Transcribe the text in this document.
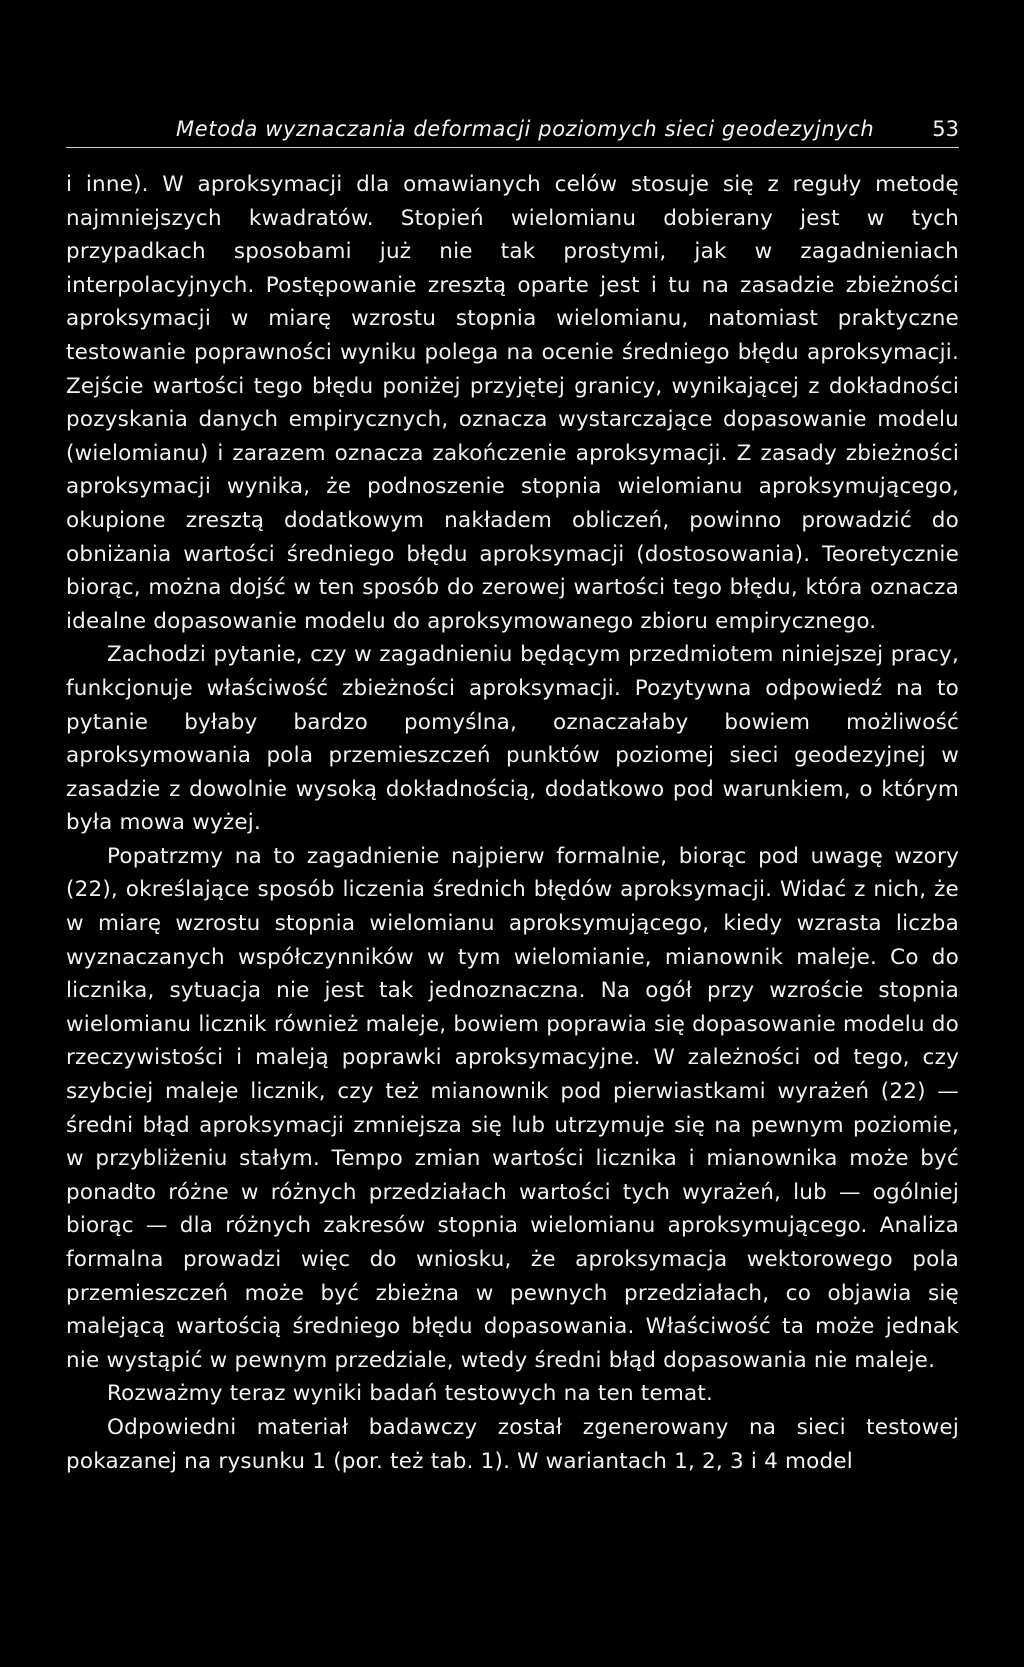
Metoda wyznaczania deformacji poziomych sieci geodezyjnych	53

i inne). W aproksymacji dla omawianych celów stosuje się z reguły metodę najmniejszych kwadratów. Stopień wielomianu dobierany jest w tych przypadkach sposobami już nie tak prostymi, jak w zagadnieniach interpolacyjnych. Postępowanie zresztą oparte jest i tu na zasadzie zbieżności aproksymacji w miarę wzrostu stopnia wielomianu, natomiast praktyczne testowanie poprawności wyniku polega na ocenie średniego błędu aproksymacji. Zejście wartości tego błędu poniżej przyjętej granicy, wynikającej z dokładności pozyskania danych empirycznych, oznacza wystarczające dopasowanie modelu (wielomianu) i zarazem oznacza zakończenie aproksymacji. Z zasady zbieżności aproksymacji wynika, że podnoszenie stopnia wielomianu aproksymującego, okupione zresztą dodatkowym nakładem obliczeń, powinno prowadzić do obniżania wartości średniego błędu aproksymacji (dostosowania). Teoretycznie biorąc, można dojść w ten sposób do zerowej wartości tego błędu, która oznacza idealne dopasowanie modelu do aproksymowanego zbioru empirycznego.

Zachodzi pytanie, czy w zagadnieniu będącym przedmiotem niniejszej pracy, funkcjonuje właściwość zbieżności aproksymacji. Pozytywna odpowiedź na to pytanie byłaby bardzo pomyślna, oznaczałaby bowiem możliwość aproksymowania pola przemieszczeń punktów poziomej sieci geodezyjnej w zasadzie z dowolnie wysoką dokładnością, dodatkowo pod warunkiem, o którym była mowa wyżej.

Popatrzmy na to zagadnienie najpierw formalnie, biorąc pod uwagę wzory (22), określające sposób liczenia średnich błędów aproksymacji. Widać z nich, że w miarę wzrostu stopnia wielomianu aproksymującego, kiedy wzrasta liczba wyznaczanych współczynników w tym wielomianie, mianownik maleje. Co do licznika, sytuacja nie jest tak jednoznaczna. Na ogół przy wzroście stopnia wielomianu licznik również maleje, bowiem poprawia się dopasowanie modelu do rzeczywistości i maleją poprawki aproksymacyjne. W zależności od tego, czy szybciej maleje licznik, czy też mianownik pod pierwiastkami wyrażeń (22) — średni błąd aproksymacji zmniejsza się lub utrzymuje się na pewnym poziomie, w przybliżeniu stałym. Tempo zmian wartości licznika i mianownika może być ponadto różne w różnych przedziałach wartości tych wyrażeń, lub — ogólniej biorąc — dla różnych zakresów stopnia wielomianu aproksymującego. Analiza formalna prowadzi więc do wniosku, że aproksymacja wektorowego pola przemieszczeń może być zbieżna w pewnych przedziałach, co objawia się malejącą wartością średniego błędu dopasowania. Właściwość ta może jednak nie wystąpić w pewnym przedziale, wtedy średni błąd dopasowania nie maleje.

Rozważmy teraz wyniki badań testowych na ten temat.

Odpowiedni materiał badawczy został zgenerowany na sieci testowej pokazanej na rysunku 1 (por. też tab. 1). W wariantach 1, 2, 3 i 4 model
